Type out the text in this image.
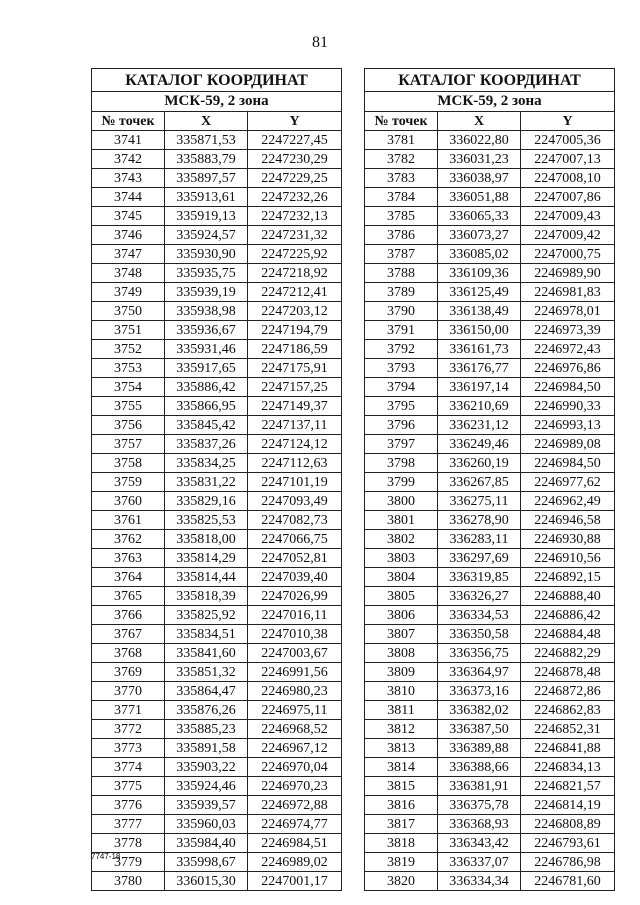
81
КАТАЛОГ КООРДИНАТ		
МСК-59, 2 зона		
№ точек	X	Y
3741	335871,53	2247227,45
3742	335883,79	2247230,29
3743	335897,57	2247229,25
3744	335913,61	2247232,26
3745	335919,13	2247232,13
3746	335924,57	2247231,32
3747	335930,90	2247225,92
3748	335935,75	2247218,92
3749	335939,19	2247212,41
3750	335938,98	2247203,12
3751	335936,67	2247194,79
3752	335931,46	2247186,59
3753	335917,65	2247175,91
3754	335886,42	2247157,25
3755	335866,95	2247149,37
3756	335845,42	2247137,11
3757	335837,26	2247124,12
3758	335834,25	2247112,63
3759	335831,22	2247101,19
3760	335829,16	2247093,49
3761	335825,53	2247082,73
3762	335818,00	2247066,75
3763	335814,29	2247052,81
3764	335814,44	2247039,40
3765	335818,39	2247026,99
3766	335825,92	2247016,11
3767	335834,51	2247010,38
3768	335841,60	2247003,67
3769	335851,32	2246991,56
3770	335864,47	2246980,23
3771	335876,26	2246975,11
3772	335885,23	2246968,52
3773	335891,58	2246967,12
3774	335903,22	2246970,04
3775	335924,46	2246970,23
3776	335939,57	2246972,88
3777	335960,03	2246974,77
3778	335984,40	2246984,51
3779	335998,67	2246989,02
3780	336015,30	2247001,17
КАТАЛОГ КООРДИНАТ		
МСК-59, 2 зона		
№ точек	X	Y
3781	336022,80	2247005,36
3782	336031,23	2247007,13
3783	336038,97	2247008,10
3784	336051,88	2247007,86
3785	336065,33	2247009,43
3786	336073,27	2247009,42
3787	336085,02	2247000,75
3788	336109,36	2246989,90
3789	336125,49	2246981,83
3790	336138,49	2246978,01
3791	336150,00	2246973,39
3792	336161,73	2246972,43
3793	336176,77	2246976,86
3794	336197,14	2246984,50
3795	336210,69	2246990,33
3796	336231,12	2246993,13
3797	336249,46	2246989,08
3798	336260,19	2246984,50
3799	336267,85	2246977,62
3800	336275,11	2246962,49
3801	336278,90	2246946,58
3802	336283,11	2246930,88
3803	336297,69	2246910,56
3804	336319,85	2246892,15
3805	336326,27	2246888,40
3806	336334,53	2246886,42
3807	336350,58	2246884,48
3808	336356,75	2246882,29
3809	336364,97	2246878,48
3810	336373,16	2246872,86
3811	336382,02	2246862,83
3812	336387,50	2246852,31
3813	336389,88	2246841,88
3814	336388,66	2246834,13
3815	336381,91	2246821,57
3816	336375,78	2246814,19
3817	336368,93	2246808,89
3818	336343,42	2246793,61
3819	336337,07	2246786,98
3820	336334,34	2246781,60
7747-18
